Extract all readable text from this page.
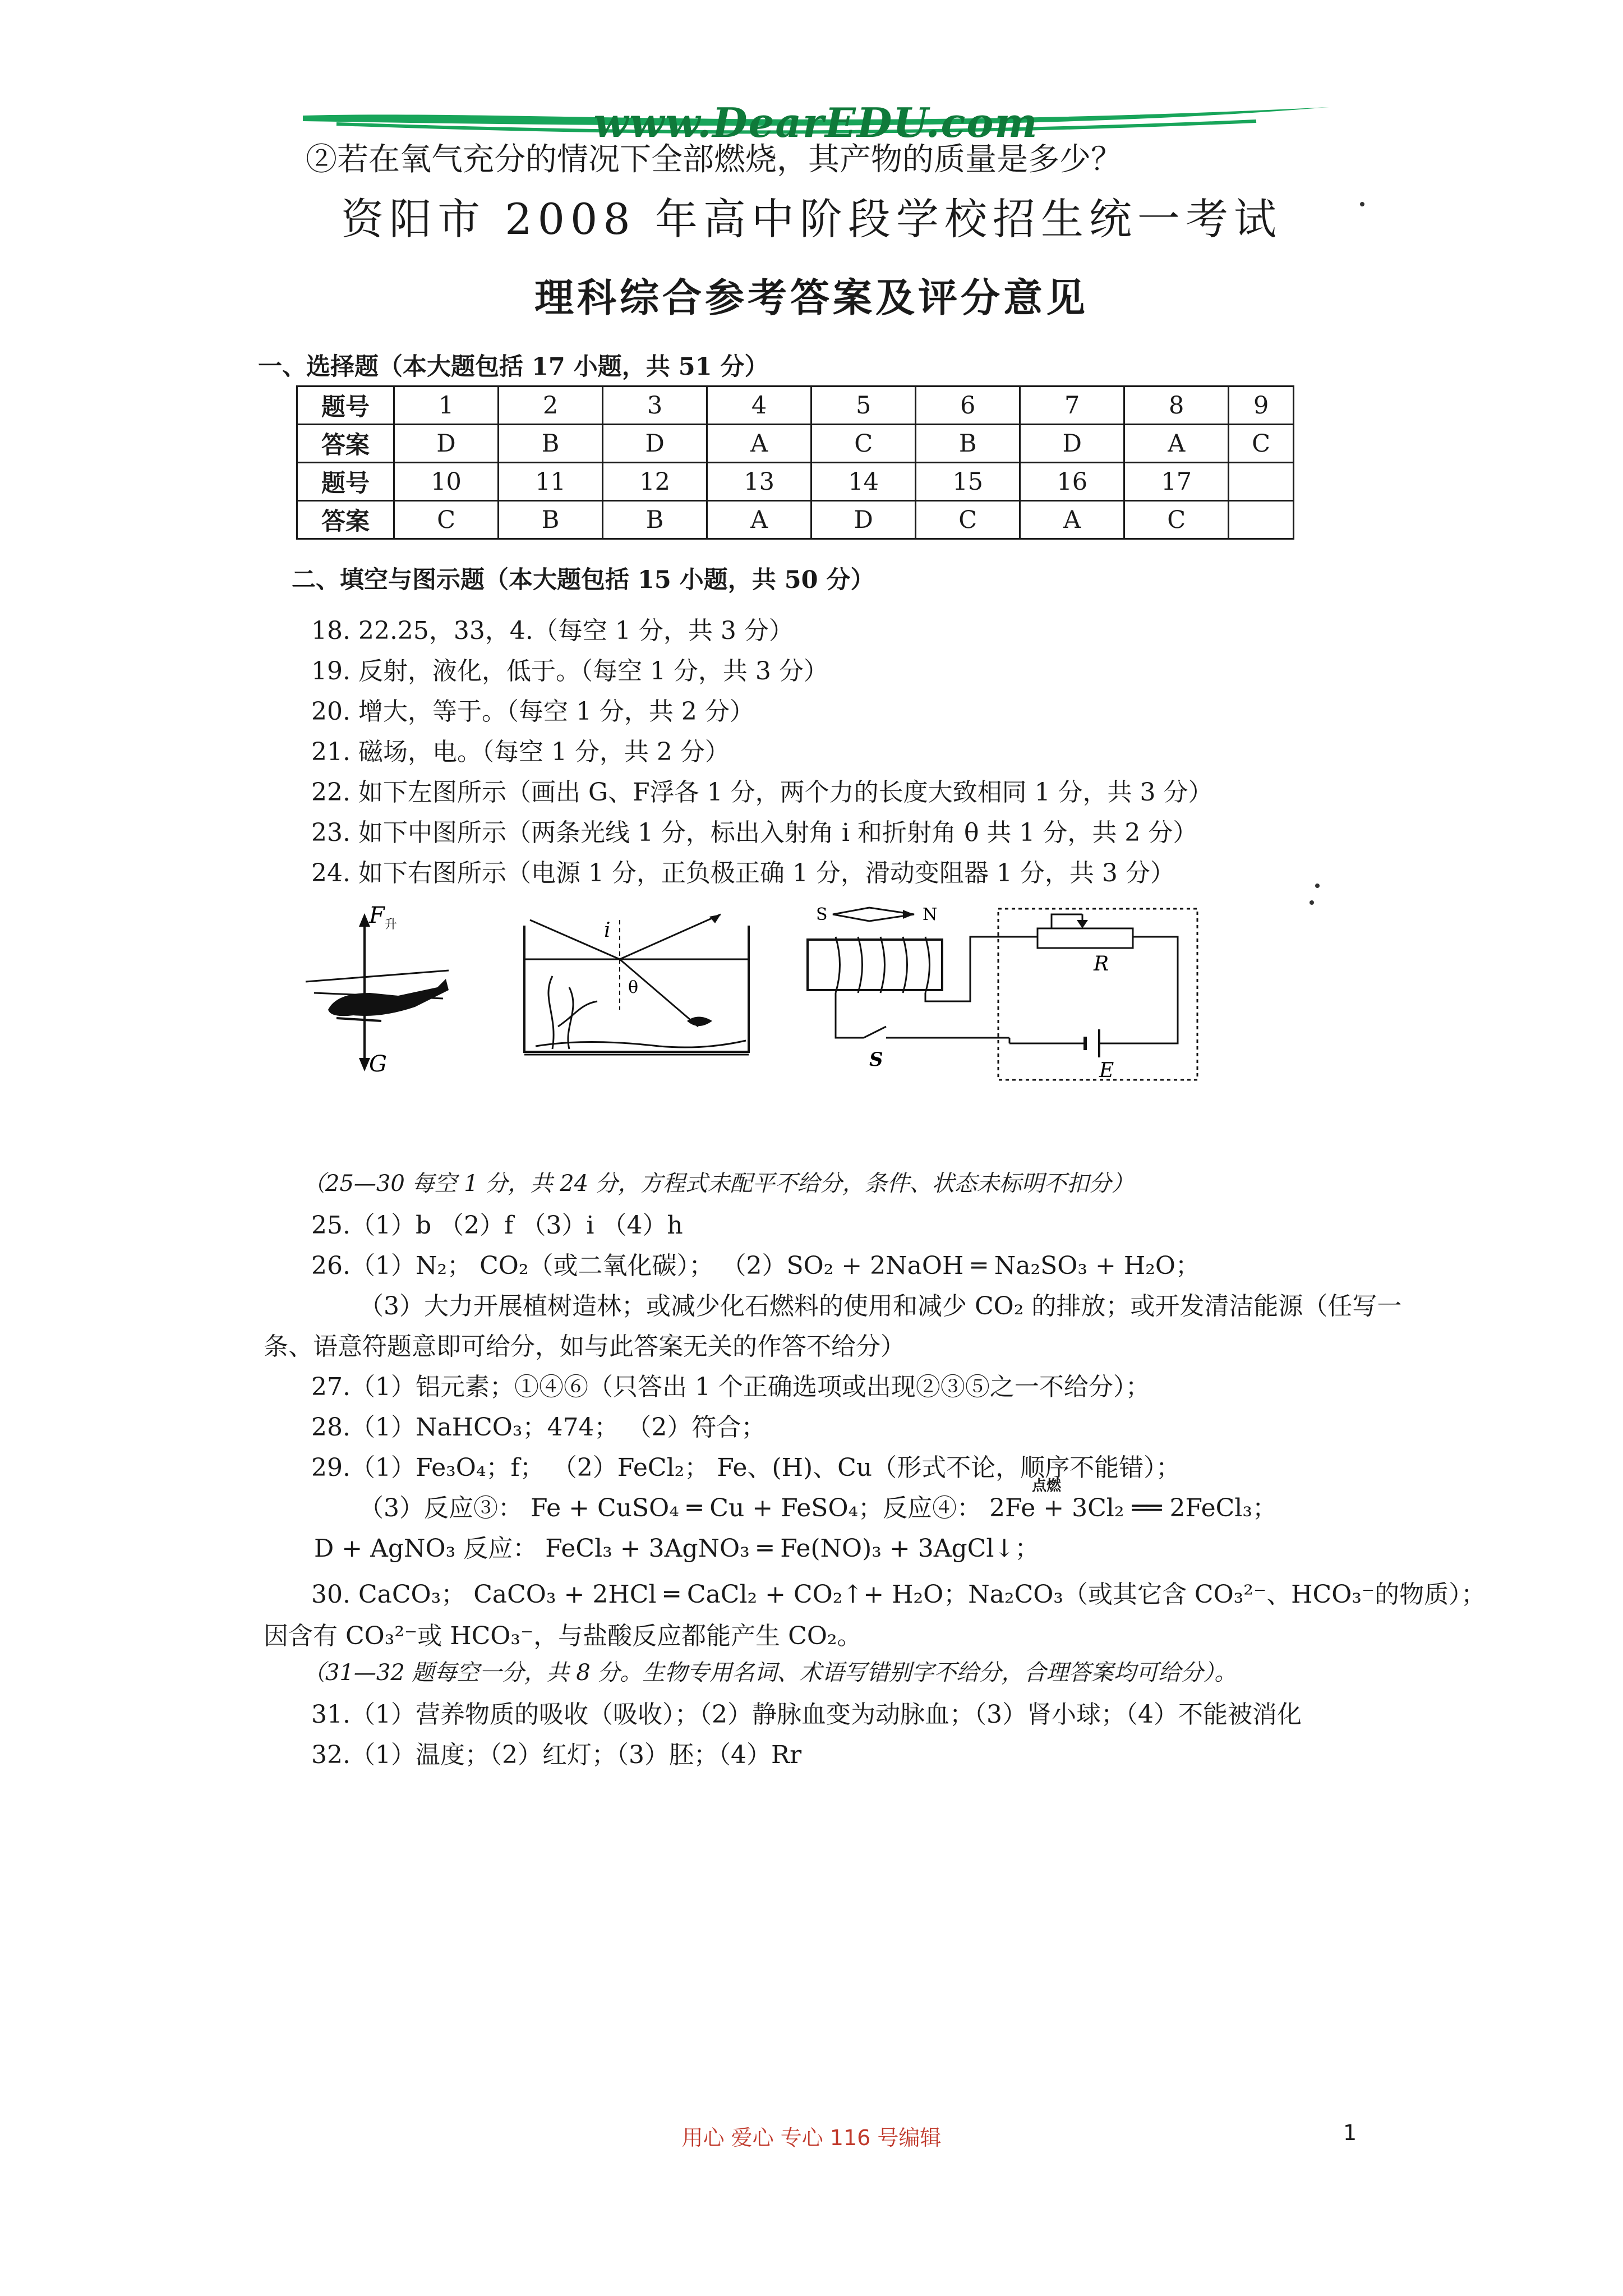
www.DearEDU.com
②若在氧气充分的情况下全部燃烧，其产物的质量是多少？
资阳市 2008 年高中阶段学校招生统一考试
理科综合参考答案及评分意见
一、选择题（本大题包括 17 小题，共 51 分）
题号	1	2	3	4	5	6	7	8	9
答案	D	B	D	A	C	B	D	A	C
题号	10	11	12	13	14	15	16	17	
答案	C	B	B	A	D	C	A	C	
二、填空与图示题（本大题包括 15 小题，共 50 分）
18. 22.25，33，4.（每空 1 分，共 3 分）
19. 反射，液化，低于。（每空 1 分，共 3 分）
20. 增大，等于。（每空 1 分，共 2 分）
21. 磁场，电。（每空 1 分，共 2 分）
22. 如下左图所示（画出 G、F浮各 1 分，两个力的长度大致相同 1 分，共 3 分）
23. 如下中图所示（两条光线 1 分，标出入射角 i 和折射角 θ 共 1 分，共 2 分）
24. 如下右图所示（电源 1 分，正负极正确 1 分，滑动变阻器 1 分，共 3 分）
F 升
G
i
θ
S	N
S
R
E
（25—30 每空 1 分，共 24 分，方程式未配平不给分，条件、状态未标明不扣分）
25.（1）b （2）f （3）i （4）h
26.（1）N₂； CO₂（或二氧化碳）； （2）SO₂ + 2NaOH ═ Na₂SO₃ + H₂O；
（3）大力开展植树造林；或减少化石燃料的使用和减少 CO₂ 的排放；或开发清洁能源（任写一
条、语意符题意即可给分，如与此答案无关的作答不给分）
27.（1）铝元素；①④⑥（只答出 1 个正确选项或出现②③⑤之一不给分）；
28.（1）NaHCO₃；474； （2）符合；
29.（1）Fe₃O₄；f； （2）FeCl₂； Fe、(H)、Cu（形式不论，顺序不能错）；
（3）反应③： Fe + CuSO₄ ═ Cu + FeSO₄；反应④： 2Fe + 3Cl₂ ══ 2FeCl₃；
点燃
D + AgNO₃ 反应： FeCl₃ + 3AgNO₃ ═ Fe(NO)₃ + 3AgCl↓；
30. CaCO₃； CaCO₃ + 2HCl ═ CaCl₂ + CO₂↑+ H₂O；Na₂CO₃（或其它含 CO₃²⁻、HCO₃⁻的物质）；
因含有 CO₃²⁻或 HCO₃⁻，与盐酸反应都能产生 CO₂。
（31—32 题每空一分，共 8 分。生物专用名词、术语写错别字不给分，合理答案均可给分）。
31.（1）营养物质的吸收（吸收）；（2）静脉血变为动脉血；（3）肾小球；（4）不能被消化
32.（1）温度；（2）红灯；（3）胚；（4）Rr
用心 爱心 专心 116 号编辑	1
